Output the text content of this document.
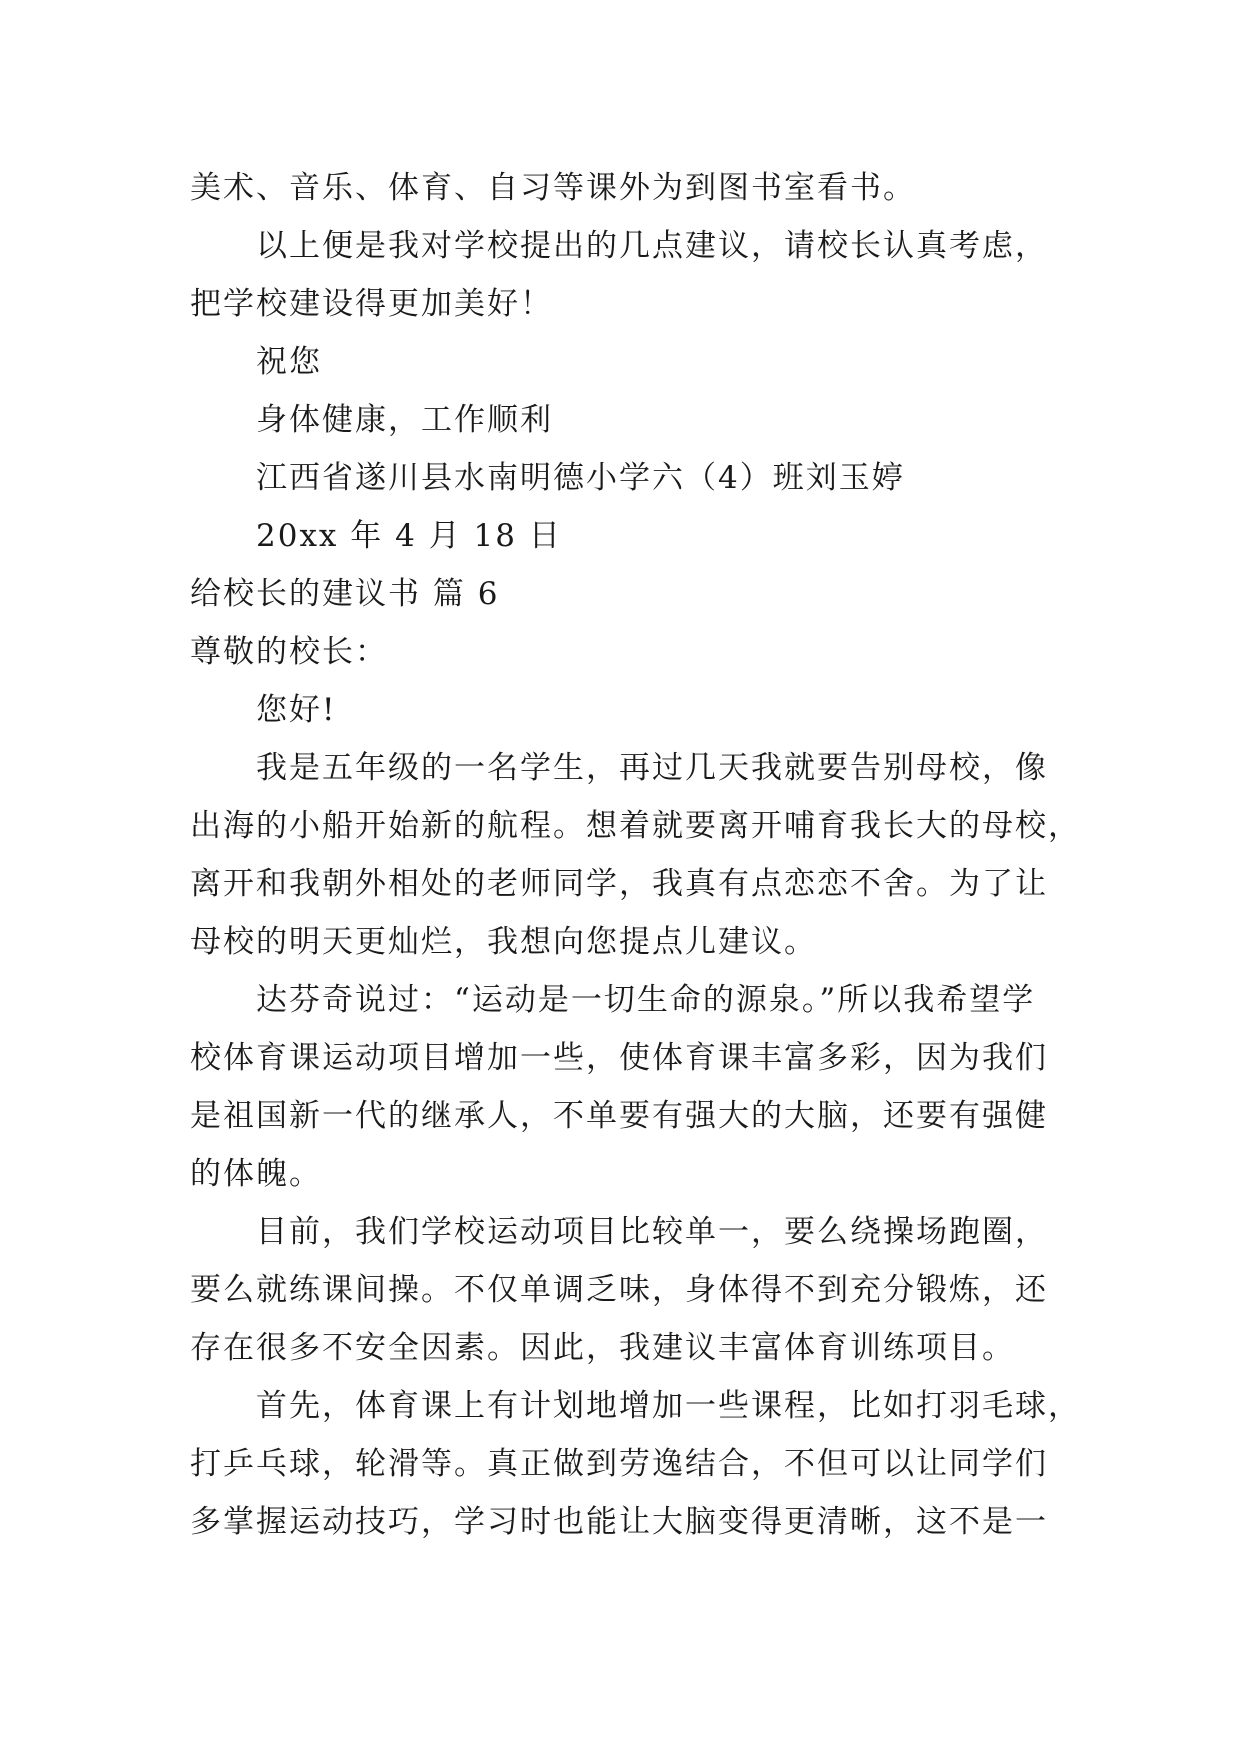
美术、音乐、体育、自习等课外为到图书室看书。
以上便是我对学校提出的几点建议，请校长认真考虑，
把学校建设得更加美好！
祝您
身体健康，工作顺利
江西省遂川县水南明德小学六（4）班刘玉婷
20xx 年 4 月 18 日
给校长的建议书 篇 6
尊敬的校长：
您好!
我是五年级的一名学生，再过几天我就要告别母校，像
出海的小船开始新的航程。想着就要离开哺育我长大的母校，
离开和我朝外相处的老师同学，我真有点恋恋不舍。为了让
母校的明天更灿烂，我想向您提点儿建议。
达芬奇说过：“运动是一切生命的源泉。”所以我希望学
校体育课运动项目增加一些，使体育课丰富多彩，因为我们
是祖国新一代的继承人，不单要有强大的大脑，还要有强健
的体魄。
目前，我们学校运动项目比较单一，要么绕操场跑圈，
要么就练课间操。不仅单调乏味，身体得不到充分锻炼，还
存在很多不安全因素。因此，我建议丰富体育训练项目。
首先，体育课上有计划地增加一些课程，比如打羽毛球，
打乒乓球，轮滑等。真正做到劳逸结合，不但可以让同学们
多掌握运动技巧，学习时也能让大脑变得更清晰，这不是一
